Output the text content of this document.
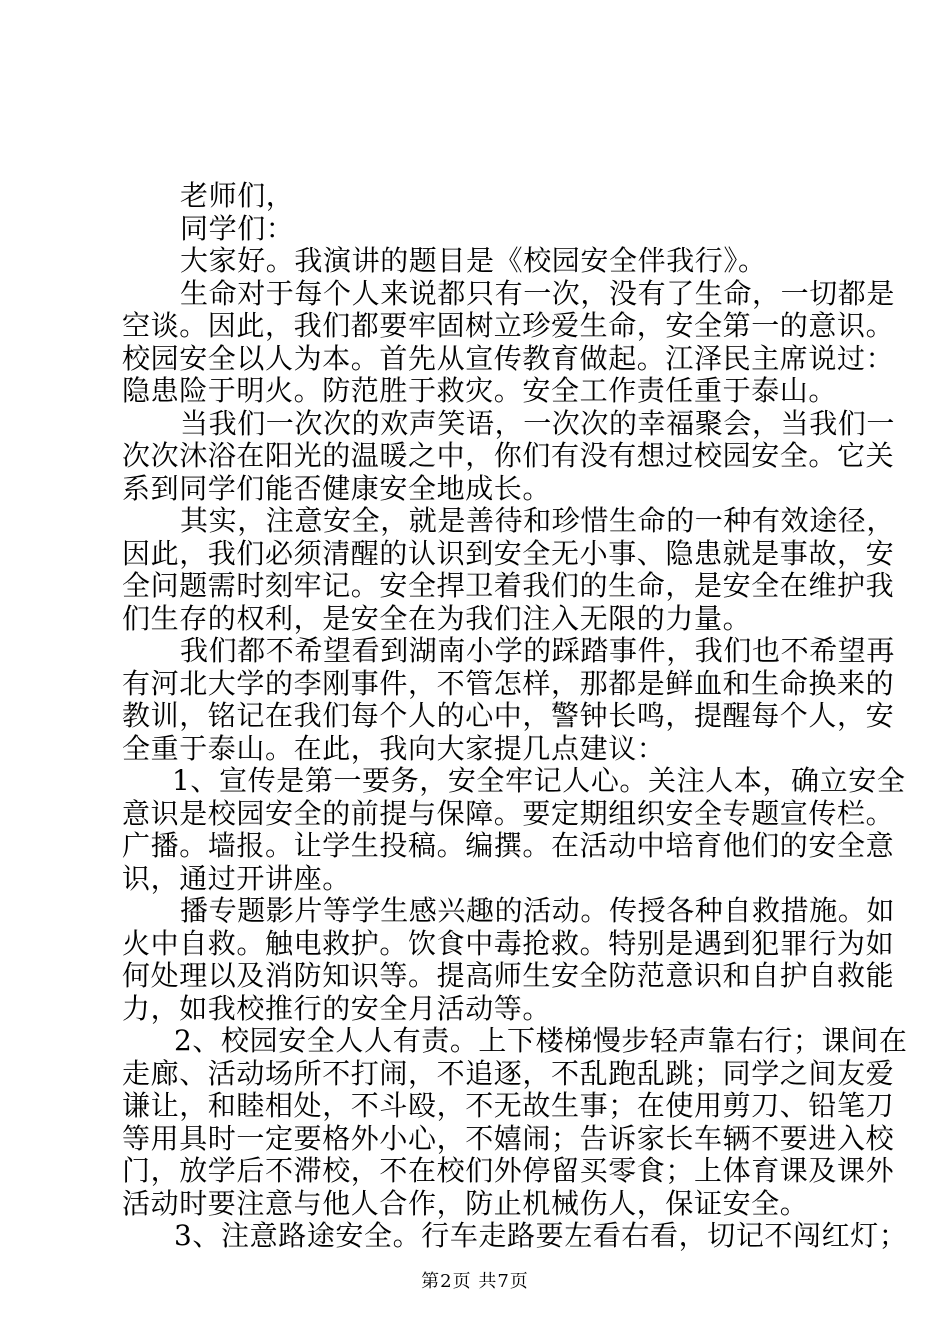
老师们，
同学们：
大家好。我演讲的题目是《校园安全伴我行》。
生命对于每个人来说都只有一次，没有了生命，一切都是
空谈。因此，我们都要牢固树立珍爱生命，安全第一的意识。
校园安全以人为本。首先从宣传教育做起。江泽民主席说过：
隐患险于明火。防范胜于救灾。安全工作责任重于泰山。
当我们一次次的欢声笑语，一次次的幸福聚会，当我们一
次次沐浴在阳光的温暖之中，你们有没有想过校园安全。它关
系到同学们能否健康安全地成长。
其实，注意安全，就是善待和珍惜生命的一种有效途径，
因此，我们必须清醒的认识到安全无小事、隐患就是事故，安
全问题需时刻牢记。安全捍卫着我们的生命，是安全在维护我
们生存的权利，是安全在为我们注入无限的力量。
我们都不希望看到湖南小学的踩踏事件，我们也不希望再
有河北大学的李刚事件，不管怎样，那都是鲜血和生命换来的
教训，铭记在我们每个人的心中，警钟长鸣，提醒每个人，安
全重于泰山。在此，我向大家提几点建议：
1、宣传是第一要务，安全牢记人心。关注人本，确立安全
意识是校园安全的前提与保障。要定期组织安全专题宣传栏。
广播。墙报。让学生投稿。编撰。在活动中培育他们的安全意
识，通过开讲座。
播专题影片等学生感兴趣的活动。传授各种自救措施。如
火中自救。触电救护。饮食中毒抢救。特别是遇到犯罪行为如
何处理以及消防知识等。提高师生安全防范意识和自护自救能
力，如我校推行的安全月活动等。
2、校园安全人人有责。上下楼梯慢步轻声靠右行；课间在
走廊、活动场所不打闹，不追逐，不乱跑乱跳；同学之间友爱
谦让，和睦相处，不斗殴，不无故生事；在使用剪刀、铅笔刀
等用具时一定要格外小心，不嬉闹；告诉家长车辆不要进入校
门，放学后不滞校，不在校们外停留买零食；上体育课及课外
活动时要注意与他人合作，防止机械伤人，保证安全。
3、注意路途安全。行车走路要左看右看，切记不闯红灯；
第2页 共7页
